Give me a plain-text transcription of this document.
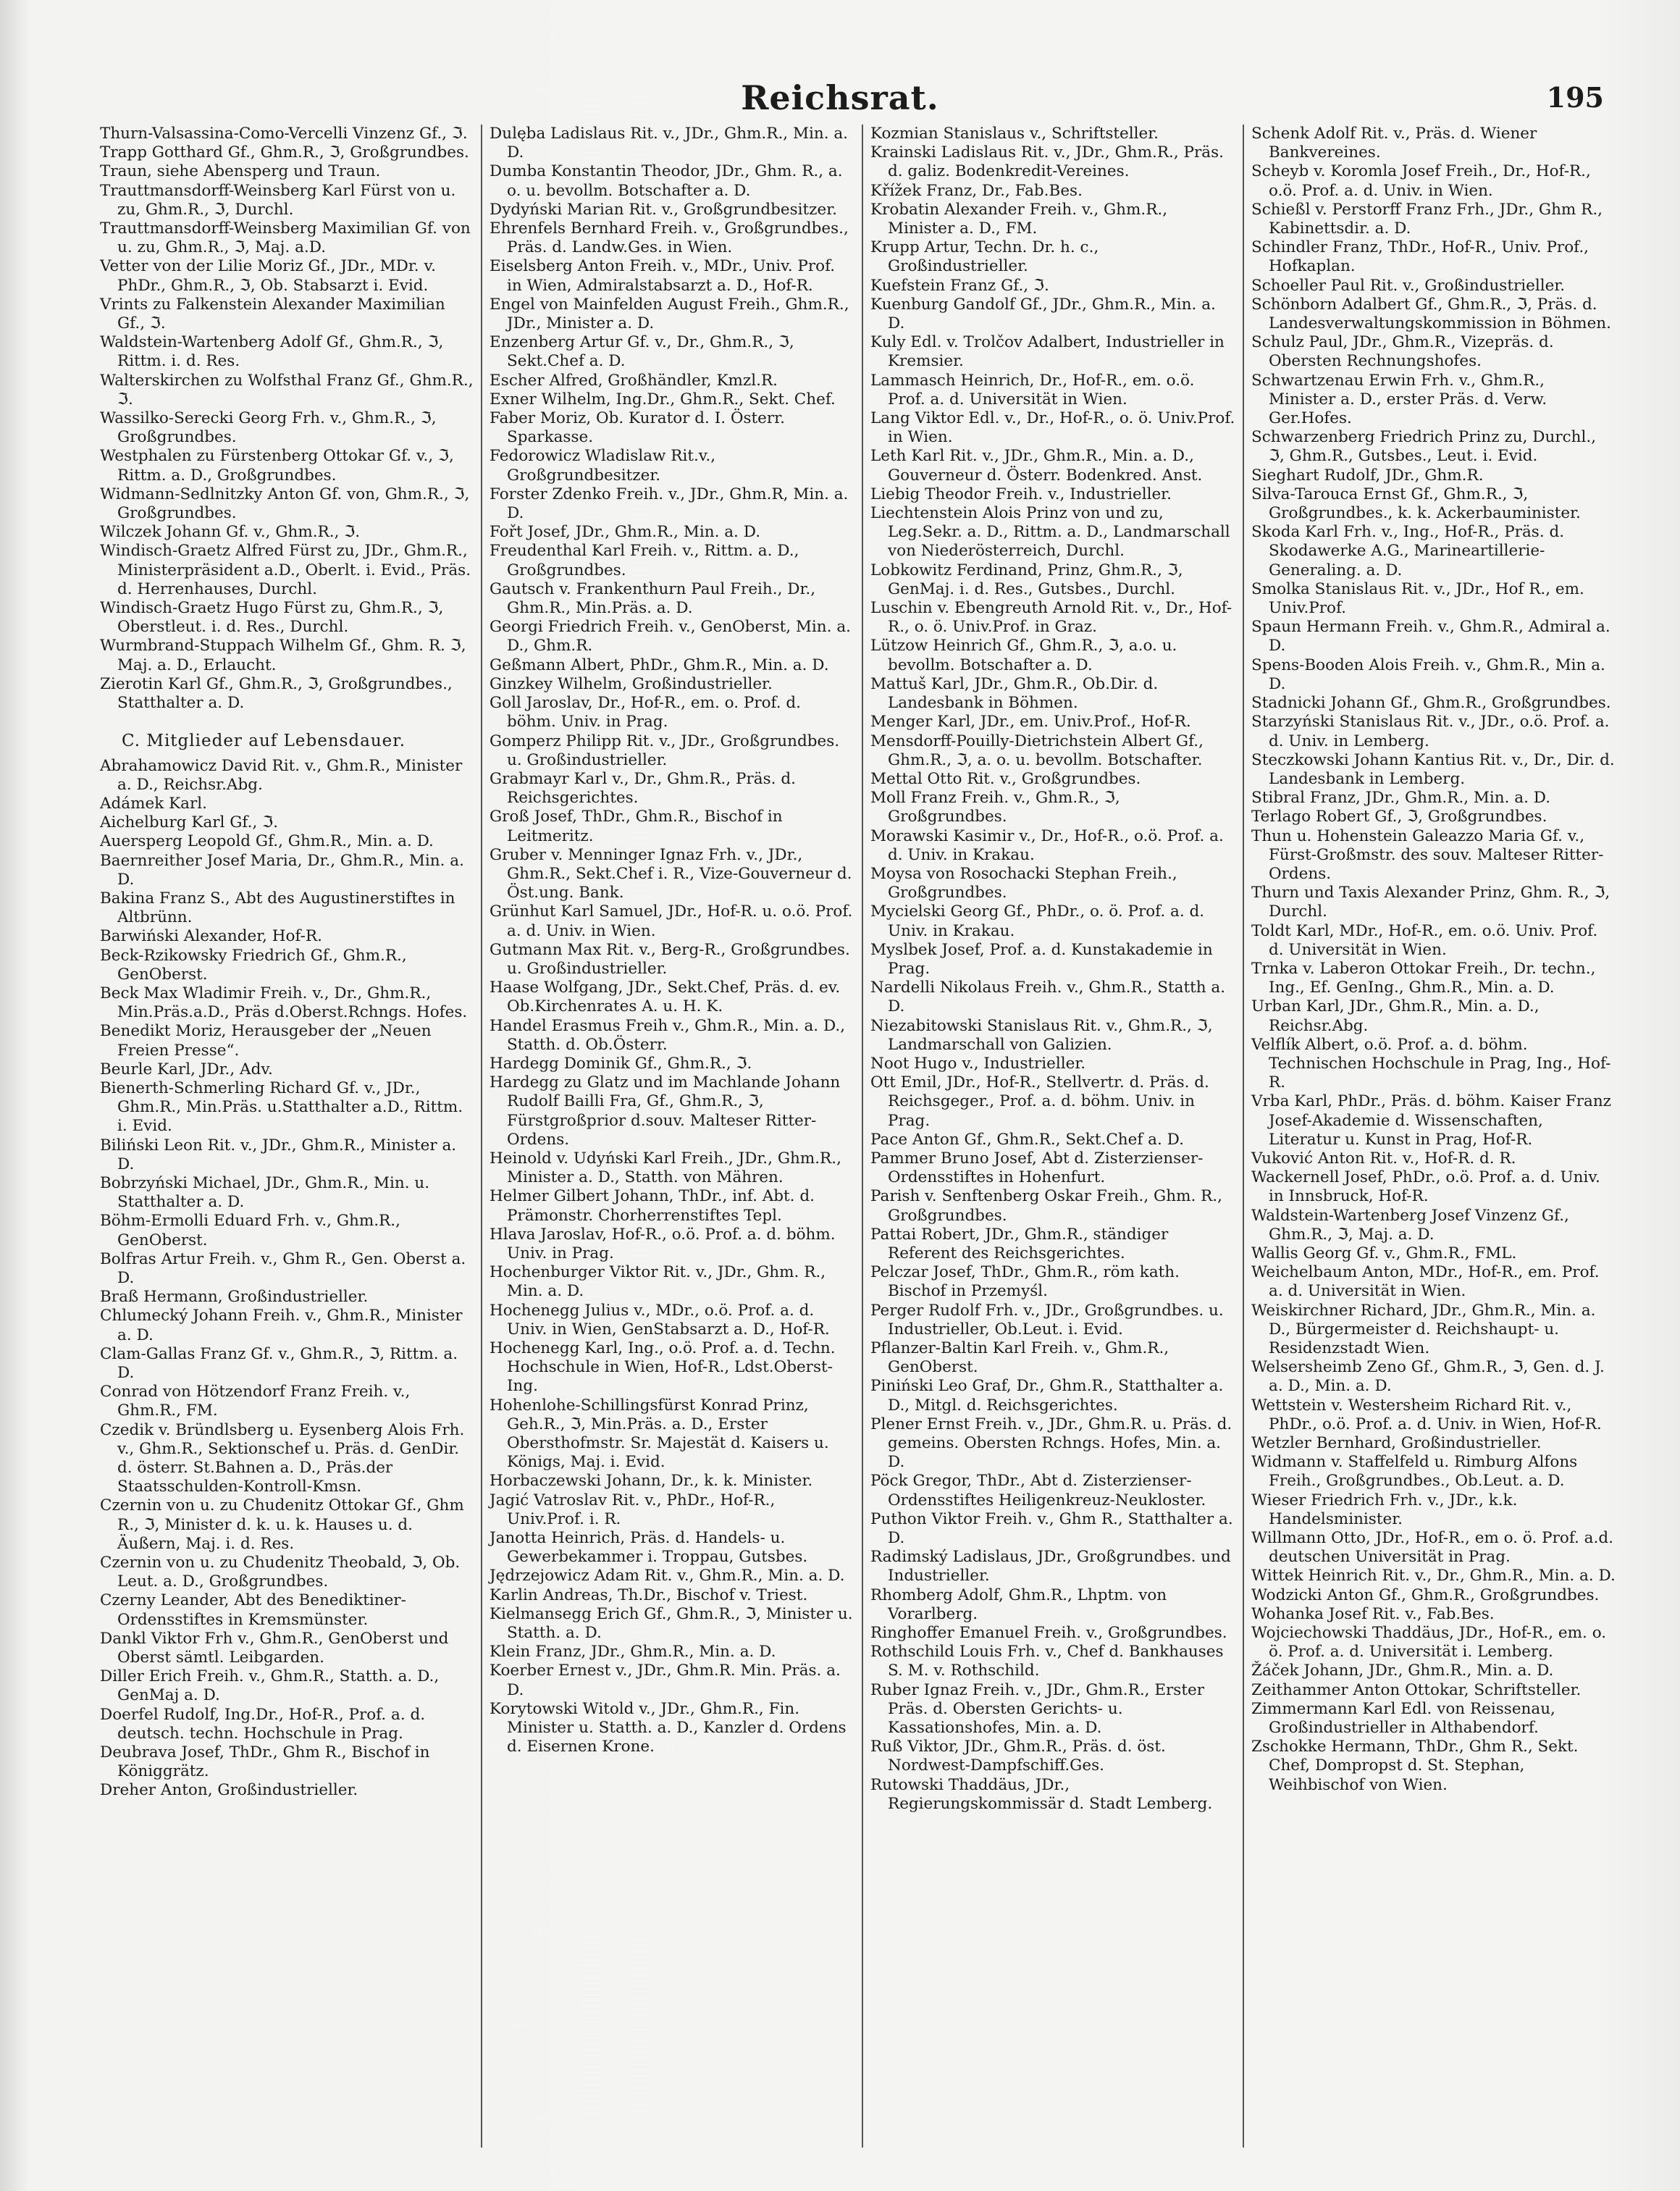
Reichsrat.	195

Thurn-Valsassina-Como-Vercelli Vinzenz Gf., ℑ.

Trapp Gotthard Gf., Ghm.R., ℑ, Großgrundbes.

Traun, siehe Abensperg und Traun.

Trauttmansdorff-Weinsberg Karl Fürst von u. zu, Ghm.R., ℑ, Durchl.

Trauttmansdorff-Weinsberg Maximilian Gf. von u. zu, Ghm.R., ℑ, Maj. a.D.

Vetter von der Lilie Moriz Gf., JDr., MDr. v. PhDr., Ghm.R., ℑ, Ob. Stabsarzt i. Evid.

Vrints zu Falkenstein Alexander Maximilian Gf., ℑ.

Waldstein-Wartenberg Adolf Gf., Ghm.R., ℑ, Rittm. i. d. Res.

Walterskirchen zu Wolfsthal Franz Gf., Ghm.R., ℑ.

Wassilko-Serecki Georg Frh. v., Ghm.R., ℑ, Großgrundbes.

Westphalen zu Fürstenberg Ottokar Gf. v., ℑ, Rittm. a. D., Großgrundbes.

Widmann-Sedlnitzky Anton Gf. von, Ghm.R., ℑ, Großgrundbes.

Wilczek Johann Gf. v., Ghm.R., ℑ.

Windisch-Graetz Alfred Fürst zu, JDr., Ghm.R., Ministerpräsident a.D., Oberlt. i. Evid., Präs. d. Herrenhauses, Durchl.

Windisch-Graetz Hugo Fürst zu, Ghm.R., ℑ, Oberstleut. i. d. Res., Durchl.

Wurmbrand-Stuppach Wilhelm Gf., Ghm. R. ℑ, Maj. a. D., Erlaucht.

Zierotin Karl Gf., Ghm.R., ℑ, Großgrundbes., Statthalter a. D.

C. Mitglieder auf Lebensdauer.

Abrahamowicz David Rit. v., Ghm.R., Minister a. D., Reichsr.Abg.

Adámek Karl.

Aichelburg Karl Gf., ℑ.

Auersperg Leopold Gf., Ghm.R., Min. a. D.

Baernreither Josef Maria, Dr., Ghm.R., Min. a. D.

Bakina Franz S., Abt des Augustinerstiftes in Altbrünn.

Barwiński Alexander, Hof-R.

Beck-Rzikowsky Friedrich Gf., Ghm.R., GenOberst.

Beck Max Wladimir Freih. v., Dr., Ghm.R., Min.Präs.a.D., Präs d.Oberst.Rchngs. Hofes.

Benedikt Moriz, Herausgeber der „Neuen Freien Presse“.

Beurle Karl, JDr., Adv.

Bienerth-Schmerling Richard Gf. v., JDr., Ghm.R., Min.Präs. u.Statthalter a.D., Rittm. i. Evid.

Biliński Leon Rit. v., JDr., Ghm.R., Minister a. D.

Bobrzyński Michael, JDr., Ghm.R., Min. u. Statthalter a. D.

Böhm-Ermolli Eduard Frh. v., Ghm.R., GenOberst.

Bolfras Artur Freih. v., Ghm R., Gen. Oberst a. D.

Braß Hermann, Großindustrieller.

Chlumecký Johann Freih. v., Ghm.R., Minister a. D.

Clam-Gallas Franz Gf. v., Ghm.R., ℑ, Rittm. a. D.

Conrad von Hötzendorf Franz Freih. v., Ghm.R., FM.

Czedik v. Bründlsberg u. Eysenberg Alois Frh. v., Ghm.R., Sektionschef u. Präs. d. GenDir. d. österr. St.Bahnen a. D., Präs.der Staatsschulden-Kontroll-Kmsn.

Czernin von u. zu Chudenitz Ottokar Gf., Ghm R., ℑ, Minister d. k. u. k. Hauses u. d. Äußern, Maj. i. d. Res.

Czernin von u. zu Chudenitz Theobald, ℑ, Ob. Leut. a. D., Großgrundbes.

Czerny Leander, Abt des Benediktiner-Ordensstiftes in Kremsmünster.

Dankl Viktor Frh v., Ghm.R., GenOberst und Oberst sämtl. Leibgarden.

Diller Erich Freih. v., Ghm.R., Statth. a. D., GenMaj a. D.

Doerfel Rudolf, Ing.Dr., Hof-R., Prof. a. d. deutsch. techn. Hochschule in Prag.

Deubrava Josef, ThDr., Ghm R., Bischof in Königgrätz.

Dreher Anton, Großindustrieller.

Dulęba Ladislaus Rit. v., JDr., Ghm.R., Min. a. D.

Dumba Konstantin Theodor, JDr., Ghm. R., a. o. u. bevollm. Botschafter a. D.

Dydyński Marian Rit. v., Großgrundbesitzer.

Ehrenfels Bernhard Freih. v., Großgrundbes., Präs. d. Landw.Ges. in Wien.

Eiselsberg Anton Freih. v., MDr., Univ. Prof. in Wien, Admiralstabsarzt a. D., Hof-R.

Engel von Mainfelden August Freih., Ghm.R., JDr., Minister a. D.

Enzenberg Artur Gf. v., Dr., Ghm.R., ℑ, Sekt.Chef a. D.

Escher Alfred, Großhändler, Kmzl.R.

Exner Wilhelm, Ing.Dr., Ghm.R., Sekt. Chef.

Faber Moriz, Ob. Kurator d. I. Österr. Sparkasse.

Fedorowicz Wladislaw Rit.v., Großgrundbesitzer.

Forster Zdenko Freih. v., JDr., Ghm.R, Min. a. D.

Fořt Josef, JDr., Ghm.R., Min. a. D.

Freudenthal Karl Freih. v., Rittm. a. D., Großgrundbes.

Gautsch v. Frankenthurn Paul Freih., Dr., Ghm.R., Min.Präs. a. D.

Georgi Friedrich Freih. v., GenOberst, Min. a. D., Ghm.R.

Geßmann Albert, PhDr., Ghm.R., Min. a. D.

Ginzkey Wilhelm, Großindustrieller.

Goll Jaroslav, Dr., Hof-R., em. o. Prof. d. böhm. Univ. in Prag.

Gomperz Philipp Rit. v., JDr., Großgrundbes. u. Großindustrieller.

Grabmayr Karl v., Dr., Ghm.R., Präs. d. Reichsgerichtes.

Groß Josef, ThDr., Ghm.R., Bischof in Leitmeritz.

Gruber v. Menninger Ignaz Frh. v., JDr., Ghm.R., Sekt.Chef i. R., Vize-Gouverneur d. Öst.ung. Bank.

Grünhut Karl Samuel, JDr., Hof-R. u. o.ö. Prof. a. d. Univ. in Wien.

Gutmann Max Rit. v., Berg-R., Großgrundbes. u. Großindustrieller.

Haase Wolfgang, JDr., Sekt.Chef, Präs. d. ev. Ob.Kirchenrates A. u. H. K.

Handel Erasmus Freih v., Ghm.R., Min. a. D., Statth. d. Ob.Österr.

Hardegg Dominik Gf., Ghm.R., ℑ.

Hardegg zu Glatz und im Machlande Johann Rudolf Bailli Fra, Gf., Ghm.R., ℑ, Fürstgroßprior d.souv. Malteser Ritter-Ordens.

Heinold v. Udyński Karl Freih., JDr., Ghm.R., Minister a. D., Statth. von Mähren.

Helmer Gilbert Johann, ThDr., inf. Abt. d. Prämonstr. Chorherrenstiftes Tepl.

Hlava Jaroslav, Hof-R., o.ö. Prof. a. d. böhm. Univ. in Prag.

Hochenburger Viktor Rit. v., JDr., Ghm. R., Min. a. D.

Hochenegg Julius v., MDr., o.ö. Prof. a. d. Univ. in Wien, GenStabsarzt a. D., Hof-R.

Hochenegg Karl, Ing., o.ö. Prof. a. d. Techn. Hochschule in Wien, Hof-R., Ldst.Oberst-Ing.

Hohenlohe-Schillingsfürst Konrad Prinz, Geh.R., ℑ, Min.Präs. a. D., Erster Obersthofmstr. Sr. Majestät d. Kaisers u. Königs, Maj. i. Evid.

Horbaczewski Johann, Dr., k. k. Minister.

Jagić Vatroslav Rit. v., PhDr., Hof-R., Univ.Prof. i. R.

Janotta Heinrich, Präs. d. Handels- u. Gewerbekammer i. Troppau, Gutsbes.

Jędrzejowicz Adam Rit. v., Ghm.R., Min. a. D.

Karlin Andreas, Th.Dr., Bischof v. Triest.

Kielmansegg Erich Gf., Ghm.R., ℑ, Minister u. Statth. a. D.

Klein Franz, JDr., Ghm.R., Min. a. D.

Koerber Ernest v., JDr., Ghm.R. Min. Präs. a. D.

Korytowski Witold v., JDr., Ghm.R., Fin. Minister u. Statth. a. D., Kanzler d. Ordens d. Eisernen Krone.

Kozmian Stanislaus v., Schriftsteller.

Krainski Ladislaus Rit. v., JDr., Ghm.R., Präs. d. galiz. Bodenkredit-Vereines.

Křížek Franz, Dr., Fab.Bes.

Krobatin Alexander Freih. v., Ghm.R., Minister a. D., FM.

Krupp Artur, Techn. Dr. h. c., Großindustrieller.

Kuefstein Franz Gf., ℑ.

Kuenburg Gandolf Gf., JDr., Ghm.R., Min. a. D.

Kuly Edl. v. Trolčov Adalbert, Industrieller in Kremsier.

Lammasch Heinrich, Dr., Hof-R., em. o.ö. Prof. a. d. Universität in Wien.

Lang Viktor Edl. v., Dr., Hof-R., o. ö. Univ.Prof. in Wien.

Leth Karl Rit. v., JDr., Ghm.R., Min. a. D., Gouverneur d. Österr. Bodenkred. Anst.

Liebig Theodor Freih. v., Industrieller.

Liechtenstein Alois Prinz von und zu, Leg.Sekr. a. D., Rittm. a. D., Landmarschall von Niederösterreich, Durchl.

Lobkowitz Ferdinand, Prinz, Ghm.R., ℑ, GenMaj. i. d. Res., Gutsbes., Durchl.

Luschin v. Ebengreuth Arnold Rit. v., Dr., Hof-R., o. ö. Univ.Prof. in Graz.

Lützow Heinrich Gf., Ghm.R., ℑ, a.o. u. bevollm. Botschafter a. D.

Mattuš Karl, JDr., Ghm.R., Ob.Dir. d. Landesbank in Böhmen.

Menger Karl, JDr., em. Univ.Prof., Hof-R.

Mensdorff-Pouilly-Dietrichstein Albert Gf., Ghm.R., ℑ, a. o. u. bevollm. Botschafter.

Mettal Otto Rit. v., Großgrundbes.

Moll Franz Freih. v., Ghm.R., ℑ, Großgrundbes.

Morawski Kasimir v., Dr., Hof-R., o.ö. Prof. a. d. Univ. in Krakau.

Moysa von Rosochacki Stephan Freih., Großgrundbes.

Mycielski Georg Gf., PhDr., o. ö. Prof. a. d. Univ. in Krakau.

Myslbek Josef, Prof. a. d. Kunstakademie in Prag.

Nardelli Nikolaus Freih. v., Ghm.R., Statth a. D.

Niezabitowski Stanislaus Rit. v., Ghm.R., ℑ, Landmarschall von Galizien.

Noot Hugo v., Industrieller.

Ott Emil, JDr., Hof-R., Stellvertr. d. Präs. d. Reichsgeger., Prof. a. d. böhm. Univ. in Prag.

Pace Anton Gf., Ghm.R., Sekt.Chef a. D.

Pammer Bruno Josef, Abt d. Zisterzienser-Ordensstiftes in Hohenfurt.

Parish v. Senftenberg Oskar Freih., Ghm. R., Großgrundbes.

Pattai Robert, JDr., Ghm.R., ständiger Referent des Reichsgerichtes.

Pelczar Josef, ThDr., Ghm.R., röm kath. Bischof in Przemyśl.

Perger Rudolf Frh. v., JDr., Großgrundbes. u. Industrieller, Ob.Leut. i. Evid.

Pflanzer-Baltin Karl Freih. v., Ghm.R., GenOberst.

Piniński Leo Graf, Dr., Ghm.R., Statthalter a. D., Mitgl. d. Reichsgerichtes.

Plener Ernst Freih. v., JDr., Ghm.R. u. Präs. d. gemeins. Obersten Rchngs. Hofes, Min. a. D.

Pöck Gregor, ThDr., Abt d. Zisterzienser-Ordensstiftes Heiligenkreuz-Neukloster.

Puthon Viktor Freih. v., Ghm R., Statthalter a. D.

Radimský Ladislaus, JDr., Großgrundbes. und Industrieller.

Rhomberg Adolf, Ghm.R., Lhptm. von Vorarlberg.

Ringhoffer Emanuel Freih. v., Großgrundbes.

Rothschild Louis Frh. v., Chef d. Bankhauses S. M. v. Rothschild.

Ruber Ignaz Freih. v., JDr., Ghm.R., Erster Präs. d. Obersten Gerichts- u. Kassationshofes, Min. a. D.

Ruß Viktor, JDr., Ghm.R., Präs. d. öst. Nordwest-Dampfschiff.Ges.

Rutowski Thaddäus, JDr., Regierungskommissär d. Stadt Lemberg.

Schenk Adolf Rit. v., Präs. d. Wiener Bankvereines.

Scheyb v. Koromla Josef Freih., Dr., Hof-R., o.ö. Prof. a. d. Univ. in Wien.

Schießl v. Perstorff Franz Frh., JDr., Ghm R., Kabinettsdir. a. D.

Schindler Franz, ThDr., Hof-R., Univ. Prof., Hofkaplan.

Schoeller Paul Rit. v., Großindustrieller.

Schönborn Adalbert Gf., Ghm.R., ℑ, Präs. d. Landesverwaltungskommission in Böhmen.

Schulz Paul, JDr., Ghm.R., Vizepräs. d. Obersten Rechnungshofes.

Schwartzenau Erwin Frh. v., Ghm.R., Minister a. D., erster Präs. d. Verw. Ger.Hofes.

Schwarzenberg Friedrich Prinz zu, Durchl., ℑ, Ghm.R., Gutsbes., Leut. i. Evid.

Sieghart Rudolf, JDr., Ghm.R.

Silva-Tarouca Ernst Gf., Ghm.R., ℑ, Großgrundbes., k. k. Ackerbauminister.

Skoda Karl Frh. v., Ing., Hof-R., Präs. d. Skodawerke A.G., Marineartillerie-Generaling. a. D.

Smolka Stanislaus Rit. v., JDr., Hof R., em. Univ.Prof.

Spaun Hermann Freih. v., Ghm.R., Admiral a. D.

Spens-Booden Alois Freih. v., Ghm.R., Min a. D.

Stadnicki Johann Gf., Ghm.R., Großgrundbes.

Starzyński Stanislaus Rit. v., JDr., o.ö. Prof. a. d. Univ. in Lemberg.

Steczkowski Johann Kantius Rit. v., Dr., Dir. d. Landesbank in Lemberg.

Stibral Franz, JDr., Ghm.R., Min. a. D.

Terlago Robert Gf., ℑ, Großgrundbes.

Thun u. Hohenstein Galeazzo Maria Gf. v., Fürst-Großmstr. des souv. Malteser Ritter-Ordens.

Thurn und Taxis Alexander Prinz, Ghm. R., ℑ, Durchl.

Toldt Karl, MDr., Hof-R., em. o.ö. Univ. Prof. d. Universität in Wien.

Trnka v. Laberon Ottokar Freih., Dr. techn., Ing., Ef. GenIng., Ghm.R., Min. a. D.

Urban Karl, JDr., Ghm.R., Min. a. D., Reichsr.Abg.

Velflík Albert, o.ö. Prof. a. d. böhm. Technischen Hochschule in Prag, Ing., Hof-R.

Vrba Karl, PhDr., Präs. d. böhm. Kaiser Franz Josef-Akademie d. Wissenschaften, Literatur u. Kunst in Prag, Hof-R.

Vuković Anton Rit. v., Hof-R. d. R.

Wackernell Josef, PhDr., o.ö. Prof. a. d. Univ. in Innsbruck, Hof-R.

Waldstein-Wartenberg Josef Vinzenz Gf., Ghm.R., ℑ, Maj. a. D.

Wallis Georg Gf. v., Ghm.R., FML.

Weichelbaum Anton, MDr., Hof-R., em. Prof. a. d. Universität in Wien.

Weiskirchner Richard, JDr., Ghm.R., Min. a. D., Bürgermeister d. Reichshaupt- u. Residenzstadt Wien.

Welsersheimb Zeno Gf., Ghm.R., ℑ, Gen. d. J. a. D., Min. a. D.

Wettstein v. Westersheim Richard Rit. v., PhDr., o.ö. Prof. a. d. Univ. in Wien, Hof-R.

Wetzler Bernhard, Großindustrieller.

Widmann v. Staffelfeld u. Rimburg Alfons Freih., Großgrundbes., Ob.Leut. a. D.

Wieser Friedrich Frh. v., JDr., k.k. Handelsminister.

Willmann Otto, JDr., Hof-R., em o. ö. Prof. a.d. deutschen Universität in Prag.

Wittek Heinrich Rit. v., Dr., Ghm.R., Min. a. D.

Wodzicki Anton Gf., Ghm.R., Großgrundbes.

Wohanka Josef Rit. v., Fab.Bes.

Wojciechowski Thaddäus, JDr., Hof-R., em. o. ö. Prof. a. d. Universität i. Lemberg.

Žáček Johann, JDr., Ghm.R., Min. a. D.

Zeithammer Anton Ottokar, Schriftsteller.

Zimmermann Karl Edl. von Reissenau, Großindustrieller in Althabendorf.

Zschokke Hermann, ThDr., Ghm R., Sekt. Chef, Dompropst d. St. Stephan, Weihbischof von Wien.
